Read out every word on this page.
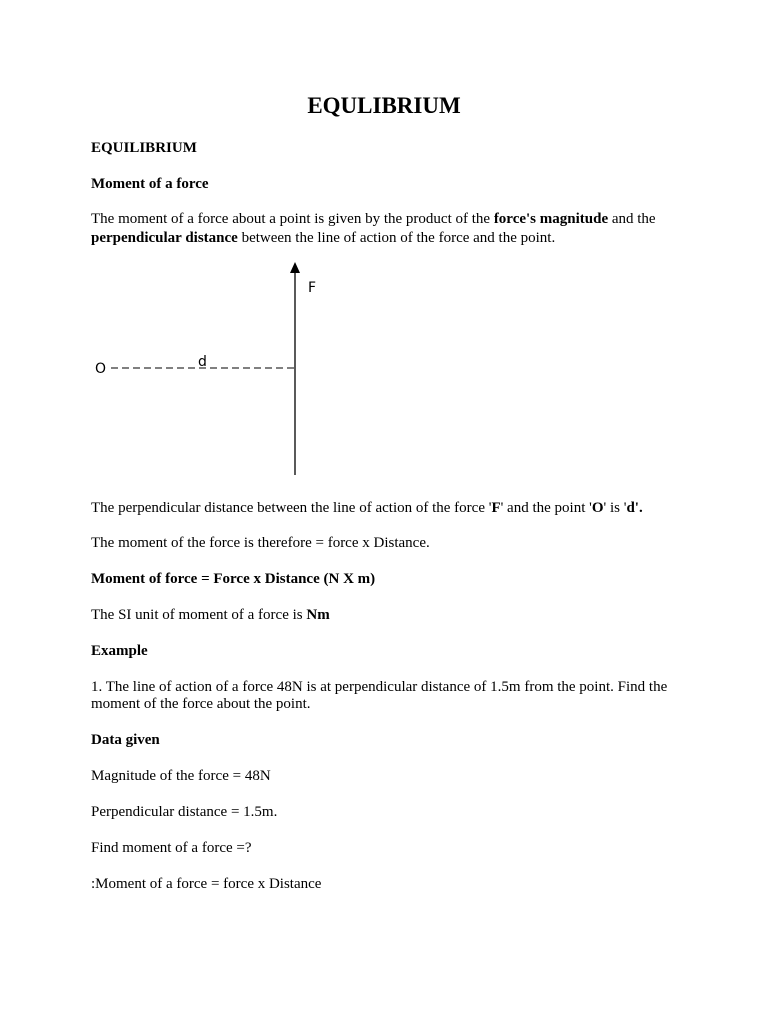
EQULIBRIUM

EQUILIBRIUM

Moment of a force

The moment of a force about a point is given by the product of the force's magnitude and the

perpendicular distance between the line of action of the force and the point.

F
O	d

The perpendicular distance between the line of action of the force 'F' and the point 'O' is 'd'.

The moment of the force is therefore = force x Distance.

Moment of force = Force x Distance (N X m)

The SI unit of moment of a force is Nm

Example

1. The line of action of a force 48N is at perpendicular distance of 1.5m from the point. Find the

moment of the force about the point.

Data given

Magnitude of the force = 48N

Perpendicular distance = 1.5m.

Find moment of a force =?

:Moment of a force = force x Distance
